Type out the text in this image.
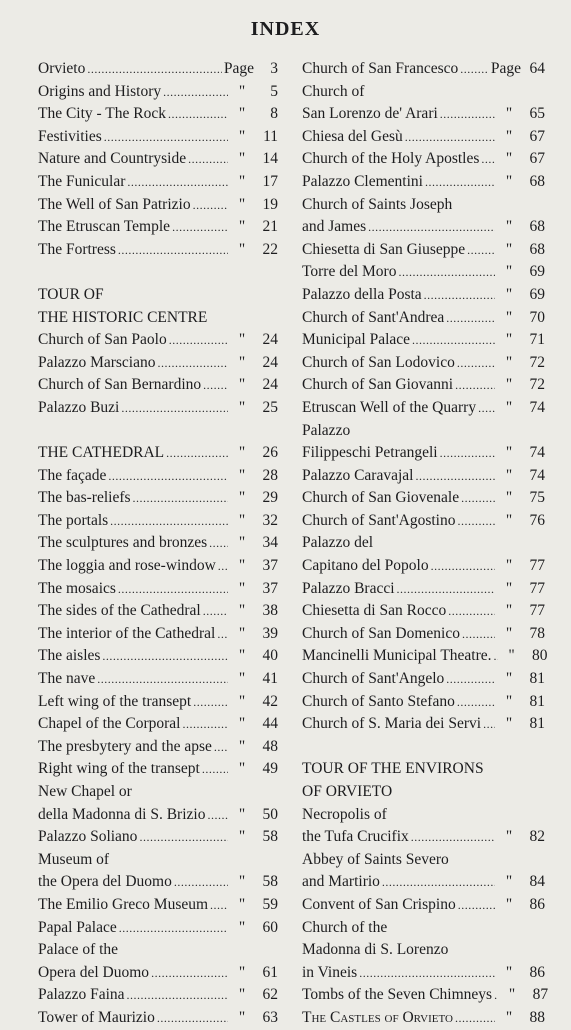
INDEX
Orvieto .....	Page	3
Origins and History .....	"	5
The City - The Rock .....	"	8
Festivities .....	"	11
Nature and Countryside .....	"	14
The Funicular .....	"	17
The Well of San Patrizio .....	"	19
The Etruscan Temple .....	"	21
The Fortress .....	"	22
TOUR OF
THE HISTORIC CENTRE
Church of San Paolo .....	"	24
Palazzo Marsciano .....	"	24
Church of San Bernardino .....	"	24
Palazzo Buzi .....	"	25
THE CATHEDRAL .....	"	26
The façade .....	"	28
The bas-reliefs .....	"	29
The portals .....	"	32
The sculptures and bronzes .....	"	34
The loggia and rose-window .....	"	37
The mosaics .....	"	37
The sides of the Cathedral .....	"	38
The interior of the Cathedral .....	"	39
The aisles .....	"	40
The nave .....	"	41
Left wing of the transept .....	"	42
Chapel of the Corporal .....	"	44
The presbytery and the apse .....	"	48
Right wing of the transept .....	"	49
New Chapel or
della Madonna di S. Brizio .....	"	50
Palazzo Soliano .....	"	58
Museum of
the Opera del Duomo .....	"	58
The Emilio Greco Museum .....	"	59
Papal Palace .....	"	60
Palace of the
Opera del Duomo .....	"	61
Palazzo Faina .....	"	62
Tower of Maurizio .....	"	63
Church of San Francesco ..... Page 64
Church of
San Lorenzo de' Arari .....	"	65
Chiesa del Gesù .....	"	67
Church of the Holy Apostles .....	"	67
Palazzo Clementini .....	"	68
Church of Saints Joseph
and James .....	"	68
Chiesetta di San Giuseppe .....	"	68
Torre del Moro .....	"	69
Palazzo della Posta .....	"	69
Church of Sant'Andrea .....	"	70
Municipal Palace .....	"	71
Church of San Lodovico .....	"	72
Church of San Giovanni .....	"	72
Etruscan Well of the Quarry .....	"	74
Palazzo
Filippeschi Petrangeli .....	"	74
Palazzo Caravajal .....	"	74
Church of San Giovenale .....	"	75
Church of Sant'Agostino .....	"	76
Palazzo del
Capitano del Popolo .....	"	77
Palazzo Bracci .....	"	77
Chiesetta di San Rocco .....	"	77
Church of San Domenico .....	"	78
Mancinelli Municipal Theatre. .....	"	80
Church of Sant'Angelo .....	"	81
Church of Santo Stefano .....	"	81
Church of S. Maria dei Servi .....	"	81
TOUR OF THE ENVIRONS
OF ORVIETO
Necropolis of
the Tufa Crucifix .....	"	82
Abbey of Saints Severo
and Martirio .....	"	84
Convent of San Crispino .....	"	86
Church of the
Madonna di S. Lorenzo
in Vineis .....	"	86
Tombs of the Seven Chimneys .....	"	87
The Castles of Orvieto .....	"	88
